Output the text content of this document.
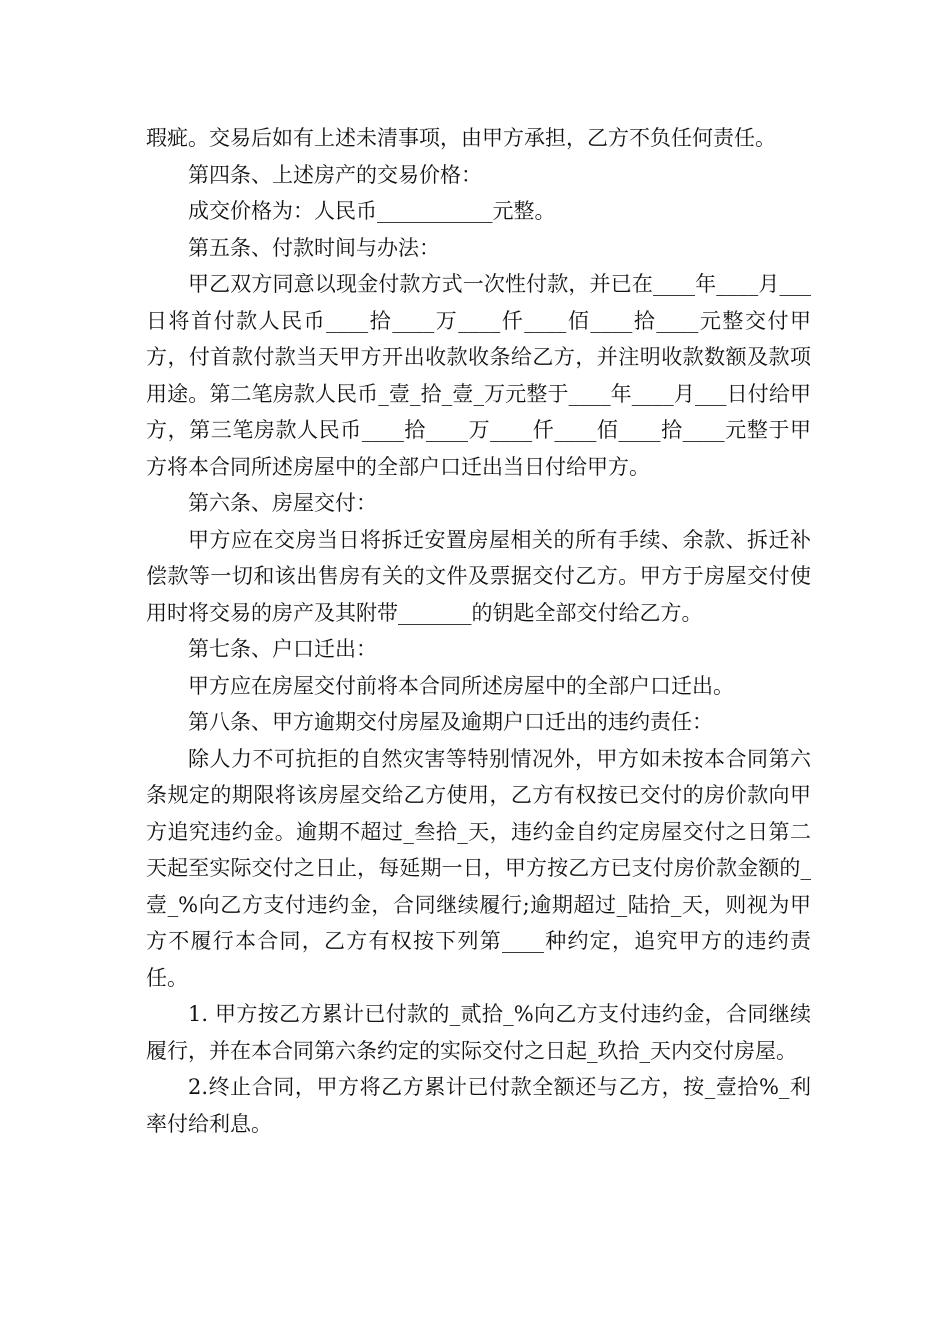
瑕疵。交易后如有上述未清事项，由甲方承担，乙方不负任何责任。

第四条、上述房产的交易价格：

成交价格为：人民币___________元整。

第五条、付款时间与办法：

甲乙双方同意以现金付款方式一次性付款，并已在____年____月___日将首付款人民币____拾____万____仟____佰____拾____元整交付甲方，付首款付款当天甲方开出收款收条给乙方，并注明收款数额及款项用途。第二笔房款人民币_壹_拾_壹_万元整于____年____月___日付给甲方，第三笔房款人民币____拾____万____仟____佰____拾____元整于甲方将本合同所述房屋中的全部户口迁出当日付给甲方。

第六条、房屋交付：

甲方应在交房当日将拆迁安置房屋相关的所有手续、余款、拆迁补偿款等一切和该出售房有关的文件及票据交付乙方。甲方于房屋交付使用时将交易的房产及其附带_______的钥匙全部交付给乙方。

第七条、户口迁出：

甲方应在房屋交付前将本合同所述房屋中的全部户口迁出。

第八条、甲方逾期交付房屋及逾期户口迁出的违约责任：

除人力不可抗拒的自然灾害等特别情况外，甲方如未按本合同第六条规定的期限将该房屋交给乙方使用，乙方有权按已交付的房价款向甲方追究违约金。逾期不超过_叁拾_天，违约金自约定房屋交付之日第二天起至实际交付之日止，每延期一日，甲方按乙方已支付房价款金额的_壹_%向乙方支付违约金，合同继续履行;逾期超过_陆拾_天，则视为甲方不履行本合同，乙方有权按下列第____种约定，追究甲方的违约责任。

1. 甲方按乙方累计已付款的_贰拾_%向乙方支付违约金，合同继续履行，并在本合同第六条约定的实际交付之日起_玖拾_天内交付房屋。

2.终止合同，甲方将乙方累计已付款全额还与乙方，按_壹拾%_利率付给利息。
